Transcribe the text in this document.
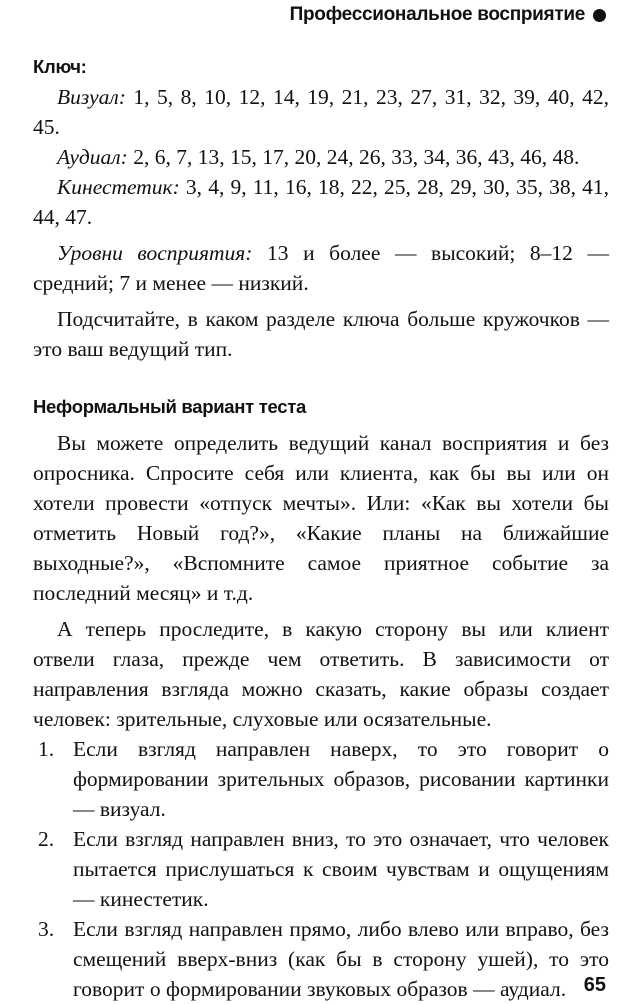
Профессиональное восприятие
Ключ:

Визуал: 1, 5, 8, 10, 12, 14, 19, 21, 23, 27, 31, 32, 39, 40, 42, 45.

Аудиал: 2, 6, 7, 13, 15, 17, 20, 24, 26, 33, 34, 36, 43, 46, 48.

Кинестетик: 3, 4, 9, 11, 16, 18, 22, 25, 28, 29, 30, 35, 38, 41, 44, 47.

Уровни восприятия: 13 и более — высокий; 8–12 — средний; 7 и менее — низкий.

Подсчитайте, в каком разделе ключа больше кружочков — это ваш ведущий тип.

Неформальный вариант теста

Вы можете определить ведущий канал восприятия и без опросника. Спросите себя или клиента, как бы вы или он хотели провести «отпуск мечты». Или: «Как вы хотели бы отметить Новый год?», «Какие планы на ближайшие выходные?», «Вспомните самое приятное событие за последний месяц» и т.д.

А теперь проследите, в какую сторону вы или клиент отвели глаза, прежде чем ответить. В зависимости от направления взгляда можно сказать, какие образы создает человек: зрительные, слуховые или осязательные.

1. Если взгляд направлен наверх, то это говорит о формировании зрительных образов, рисовании картинки — визуал.
2. Если взгляд направлен вниз, то это означает, что человек пытается прислушаться к своим чувствам и ощущениям — кинестетик.
3. Если взгляд направлен прямо, либо влево или вправо, без смещений вверх-вниз (как бы в сторону ушей), то это говорит о формировании звуковых образов — аудиал. 65
